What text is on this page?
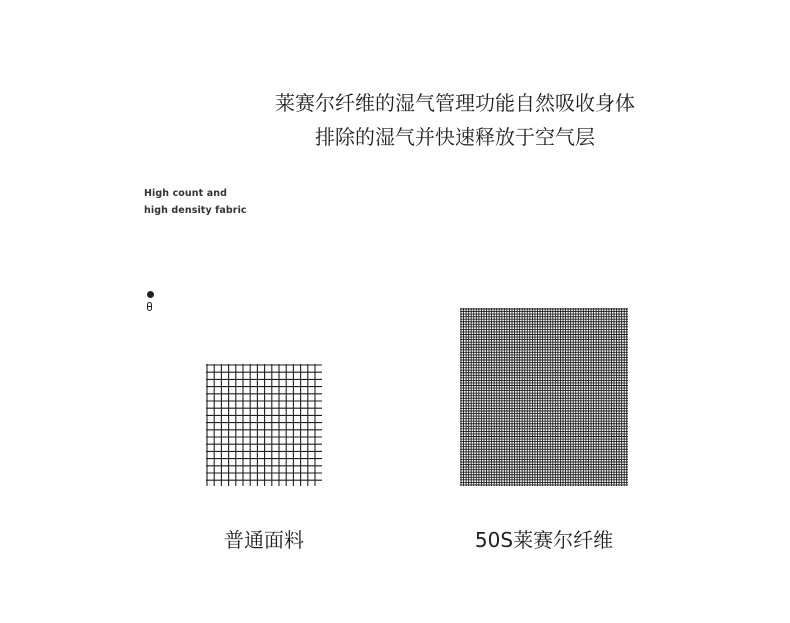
莱赛尔纤维的湿气管理功能自然吸收身体
排除的湿气并快速释放于空气层
High count and
high density fabric
普通面料	50S莱赛尔纤维
